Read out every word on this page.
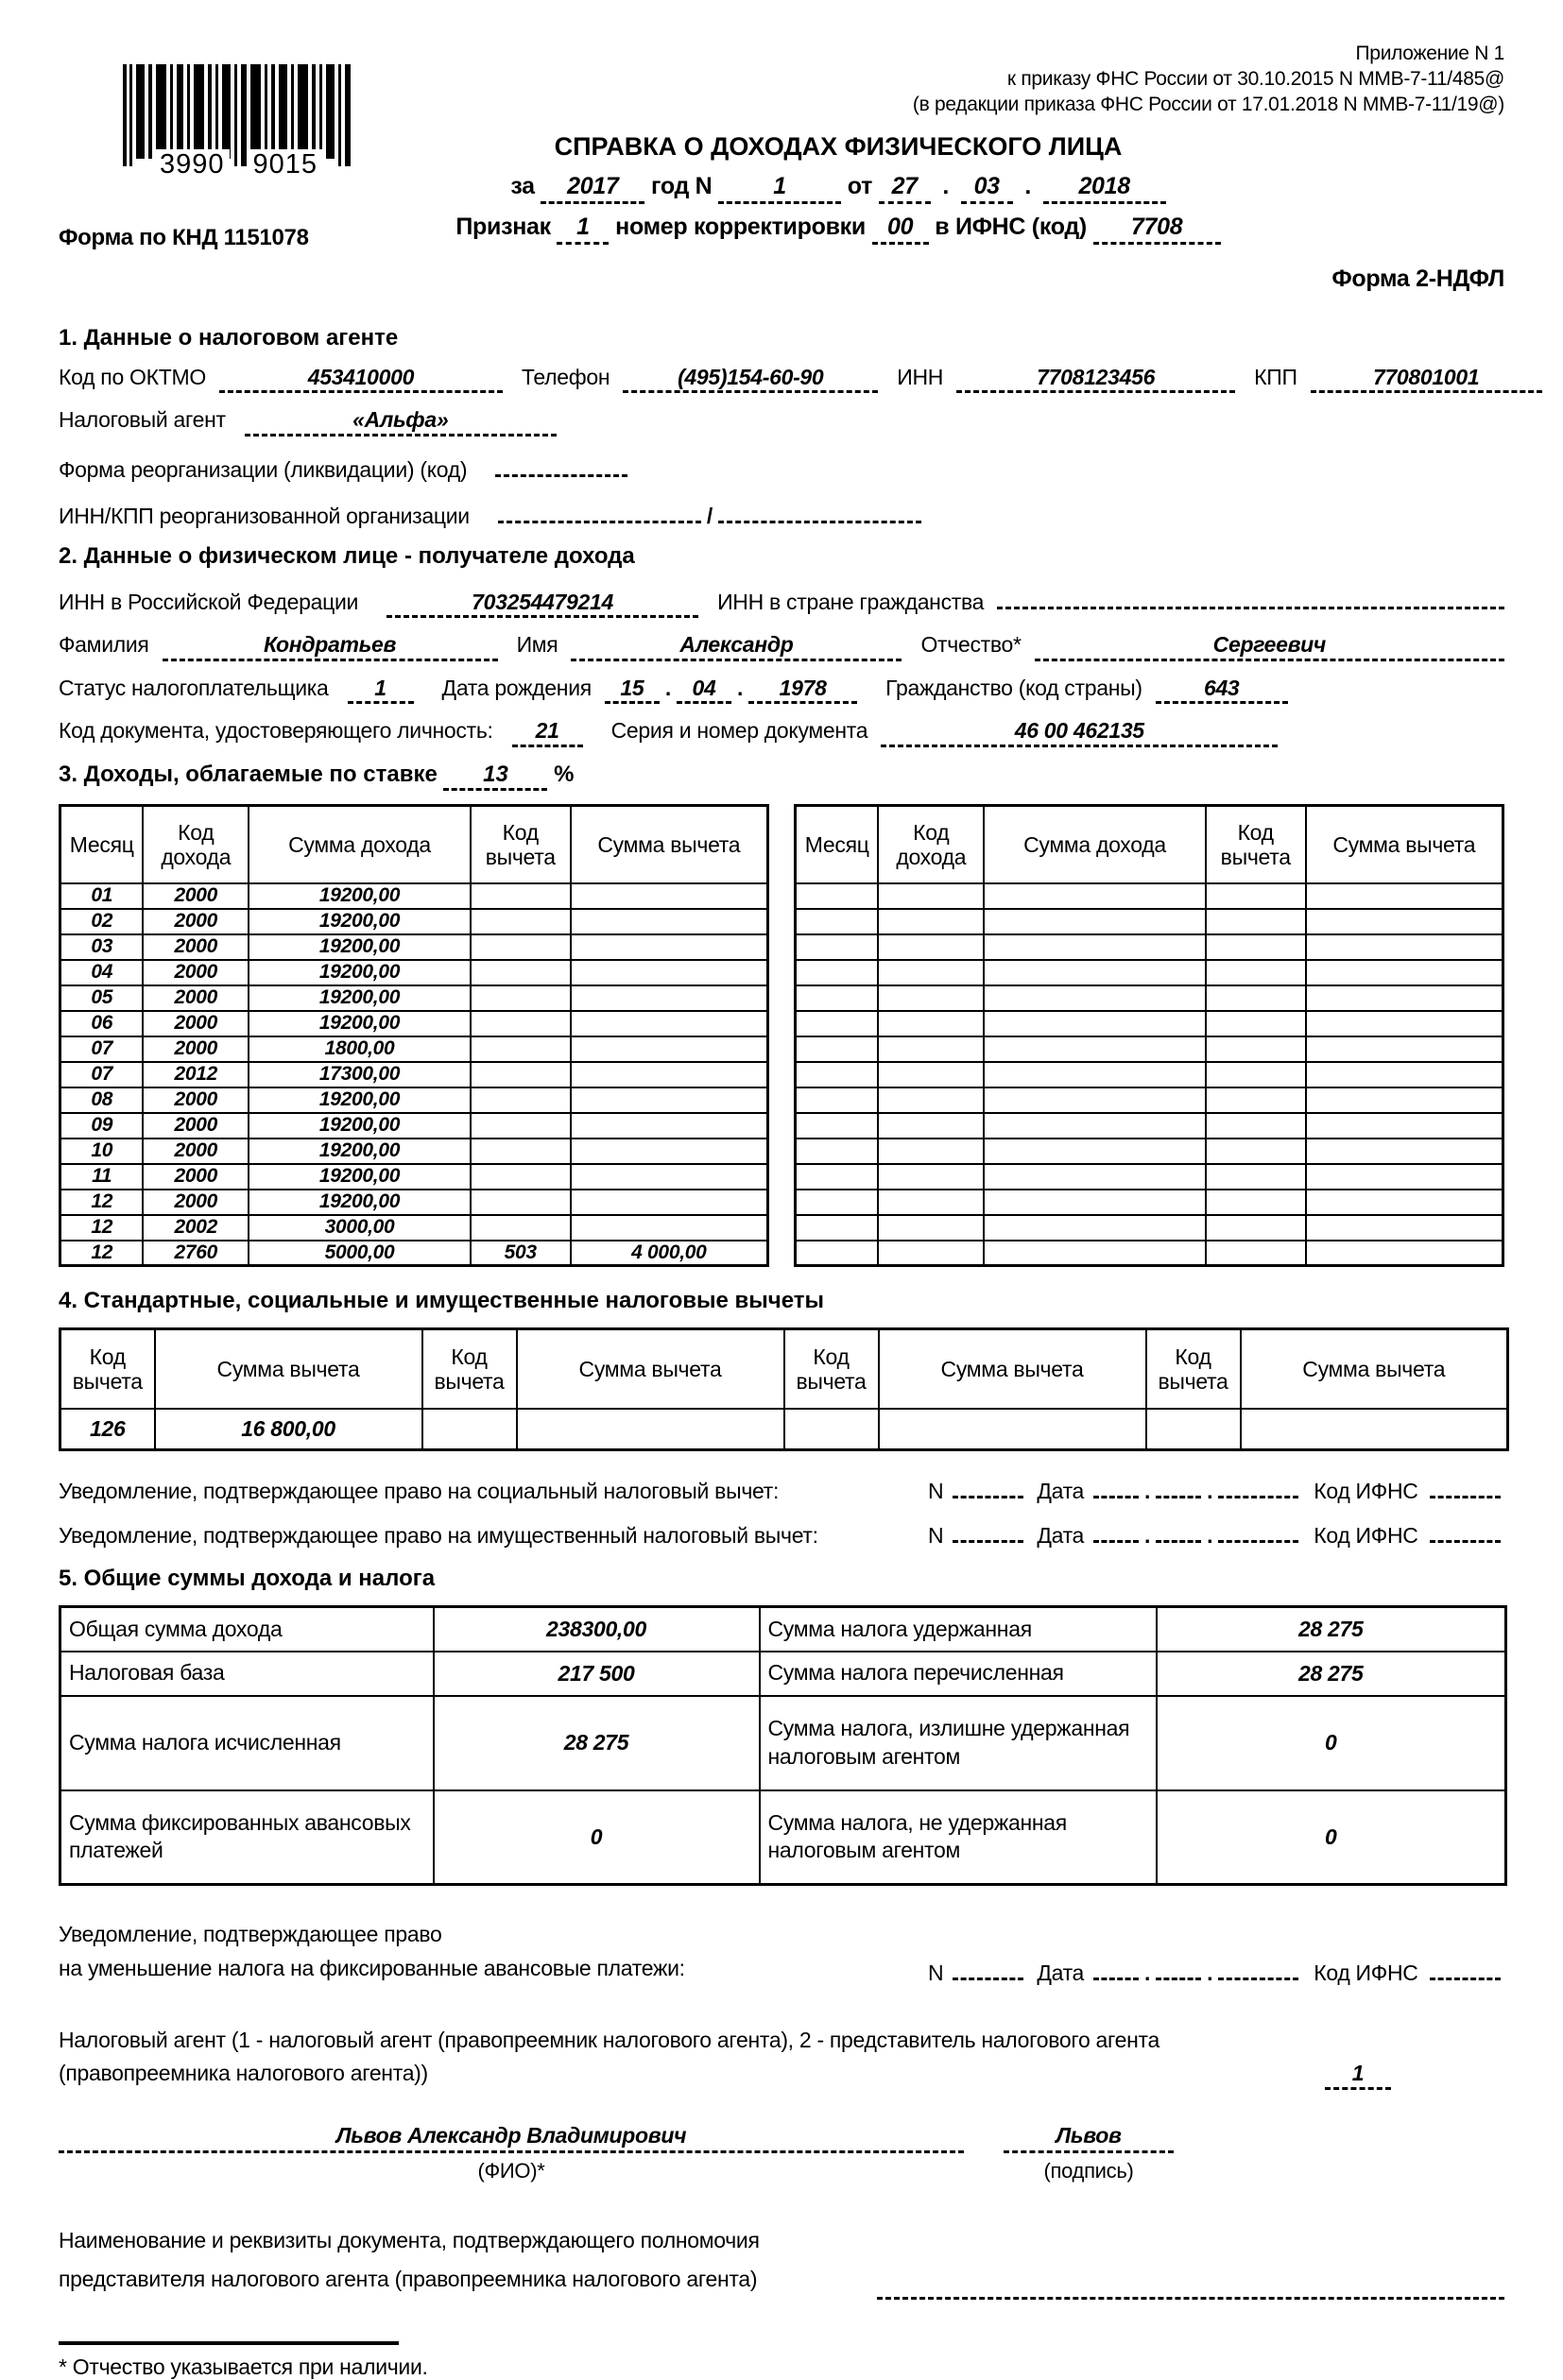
Приложение N 1
к приказу ФНС России от 30.10.2015 N ММВ-7-11/485@
(в редакции приказа ФНС России от 17.01.2018 N ММВ-7-11/19@)
3990 9015
Форма по КНД 1151078
СПРАВКА О ДОХОДАХ ФИЗИЧЕСКОГО ЛИЦА
за 2017 год N	1	от 27 . 03 . 2018
Признак 1 номер корректировки 00 в ИФНС (код) 7708
Форма 2-НДФЛ
1. Данные о налоговом агенте
Код по ОКТМО	453410000	Телефон	(495)154-60-90	ИНН	7708123456	КПП	770801001
Налоговый агент	«Альфа»
Форма реорганизации (ликвидации) (код)
ИНН/КПП реорганизованной организации	/
2. Данные о физическом лице - получателе дохода
ИНН в Российской Федерации	703254479214	ИНН в стране гражданства
Фамилия	Кондратьев	Имя	Александр	Отчество*	Сергеевич
Статус налогоплательщика	1	Дата рождения	15 . 04 .	1978	Гражданство (код страны)	643
Код документа, удостоверяющего личность:	21	Серия и номер документа	46 00 462135
3. Доходы, облагаемые по ставке 13 %
Месяц	Код дохода	Сумма дохода	Код вычета	Сумма вычета
01	2000	19200,00		
02	2000	19200,00		
03	2000	19200,00		
04	2000	19200,00		
05	2000	19200,00		
06	2000	19200,00		
07	2000	1800,00		
07	2012	17300,00		
08	2000	19200,00		
09	2000	19200,00		
10	2000	19200,00		
11	2000	19200,00		
12	2000	19200,00		
12	2002	3000,00		
12	2760	5000,00	503	4 000,00
Месяц	Код дохода	Сумма дохода	Код вычета	Сумма вычета

4. Стандартные, социальные и имущественные налоговые вычеты
Код вычета	Сумма вычета	Код вычета	Сумма вычета	Код вычета	Сумма вычета	Код вычета	Сумма вычета
126	16 800,00						
Уведомление, подтверждающее право на социальный налоговый вычет:	N	Дата	.	.	Код ИФНС
Уведомление, подтверждающее право на имущественный налоговый вычет:	N	Дата	.	.	Код ИФНС
5. Общие суммы дохода и налога
Общая сумма дохода	238300,00	Сумма налога удержанная	28 275
Налоговая база	217 500	Сумма налога перечисленная	28 275
Сумма налога исчисленная	28 275	Сумма налога, излишне удержанная налоговым агентом	0
Сумма фиксированных авансовых платежей	0	Сумма налога, не удержанная налоговым агентом	0
Уведомление, подтверждающее право
на уменьшение налога на фиксированные авансовые платежи:	N	Дата	.	.	Код ИФНС
Налоговый агент (1 - налоговый агент (правопреемник налогового агента), 2 - представитель налогового агента
(правопреемника налогового агента))	1
Львов Александр Владимирович
(ФИО)*
Львов
(подпись)
Наименование и реквизиты документа, подтверждающего полномочия
представителя налогового агента (правопреемника налогового агента)
* Отчество указывается при наличии.
